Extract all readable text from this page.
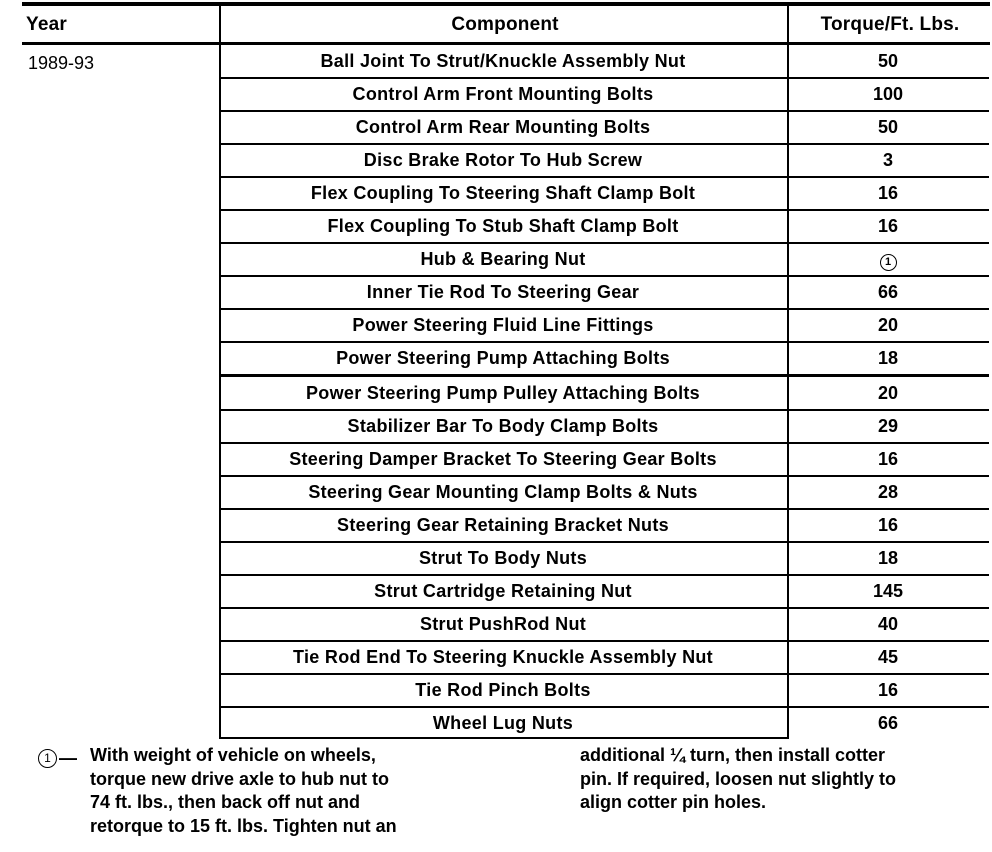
Year	Component	Torque/Ft. Lbs.
1989-93	Ball Joint To Strut/Knuckle Assembly Nut	50
Control Arm Front Mounting Bolts	100
Control Arm Rear Mounting Bolts	50
Disc Brake Rotor To Hub Screw	3
Flex Coupling To Steering Shaft Clamp Bolt	16
Flex Coupling To Stub Shaft Clamp Bolt	16
Hub & Bearing Nut	1
Inner Tie Rod To Steering Gear	66
Power Steering Fluid Line Fittings	20
Power Steering Pump Attaching Bolts	18
Power Steering Pump Pulley Attaching Bolts	20
Stabilizer Bar To Body Clamp Bolts	29
Steering Damper Bracket To Steering Gear Bolts	16
Steering Gear Mounting Clamp Bolts & Nuts	28
Steering Gear Retaining Bracket Nuts	16
Strut To Body Nuts	18
Strut Cartridge Retaining Nut	145
Strut PushRod Nut	40
Tie Rod End To Steering Knuckle Assembly Nut	45
Tie Rod Pinch Bolts	16
Wheel Lug Nuts	66
1 — With weight of vehicle on wheels,
torque new drive axle to hub nut to
74 ft. lbs., then back off nut and
retorque to 15 ft. lbs. Tighten nut an
additional ¼ turn, then install cotter
pin. If required, loosen nut slightly to
align cotter pin holes.
